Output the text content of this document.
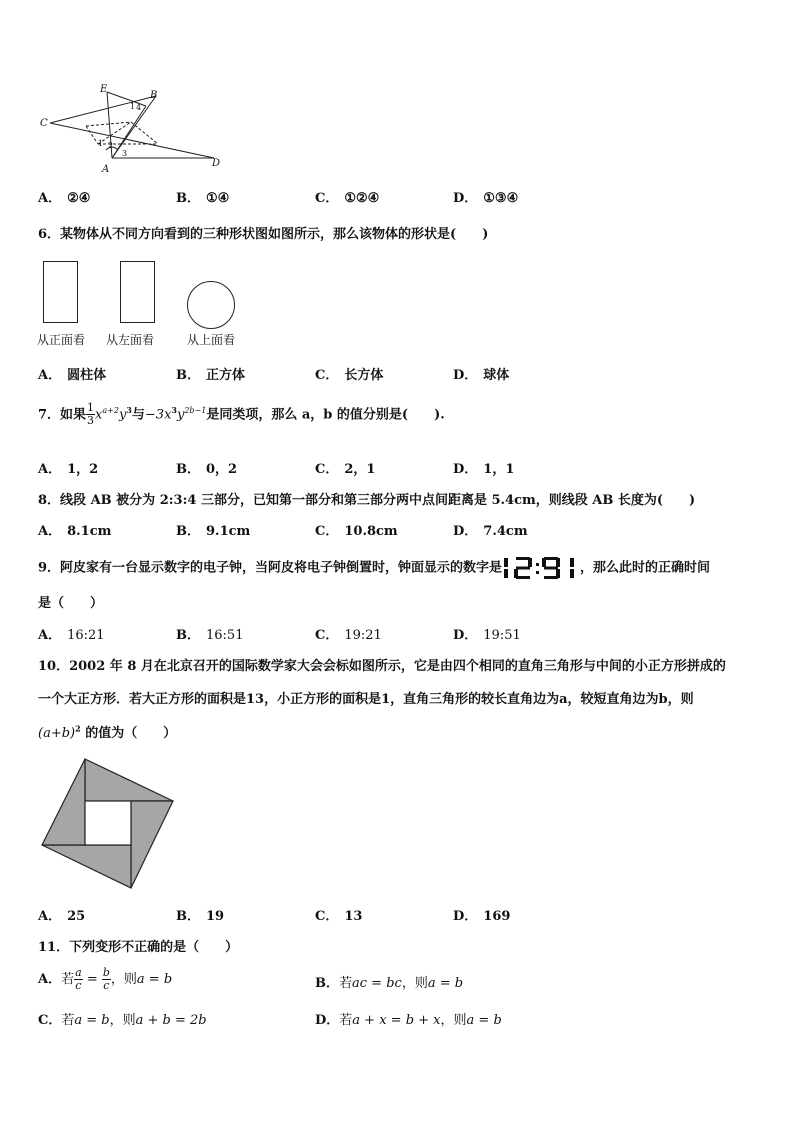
E
B
C
D
A
1 2
3
4
1
A． ②④	B． ①④	C． ①②④	D． ①③④
6．某物体从不同方向看到的三种形状图如图所示，那么该物体的形状是(　　)
从正面看 从左面看	从上面看
A． 圆柱体	B． 正方体	C． 长方体	D． 球体
7．如果 $\frac{1}{3} x^{a+2}y^3$与$-3x^3y^{2b-1}$是同类项，那么 a，b 的值分别是(　　).
A． 1，2	B． 0，2	C． 2，1	D． 1，1
8．线段 AB 被分为 2:3:4 三部分，已知第一部分和第三部分两中点间距离是 5.4cm，则线段 AB 长度为(　　)
A． 8.1cm	B． 9.1cm	C． 10.8cm	D． 7.4cm
9．阿皮家有一台显示数字的电子钟，当阿皮将电子钟倒置时，钟面显示的数字是	，那么此时的正确时间
是（　　）
A． 16:21	B． 16:51	C． 19:21	D． 19:51
10．2002 年 8 月在北京召开的国际数学家大会会标如图所示，它是由四个相同的直角三角形与中间的小正方形拼成的
一个大正方形．若大正方形的面积是13，小正方形的面积是1，直角三角形的较长直角边为a，较短直角边为b，则
$(a+b)^2$ 的值为（　　）
A． 25	B． 19	C． 13	D． 169
11．下列变形不正确的是（　　）
A．若 $\frac{a}{c} = \frac{b}{c}$ ，则a = b	B．若ac = bc，则a = b
C．若a = b，则a + b = 2b	D．若a + x = b + x，则a = b
